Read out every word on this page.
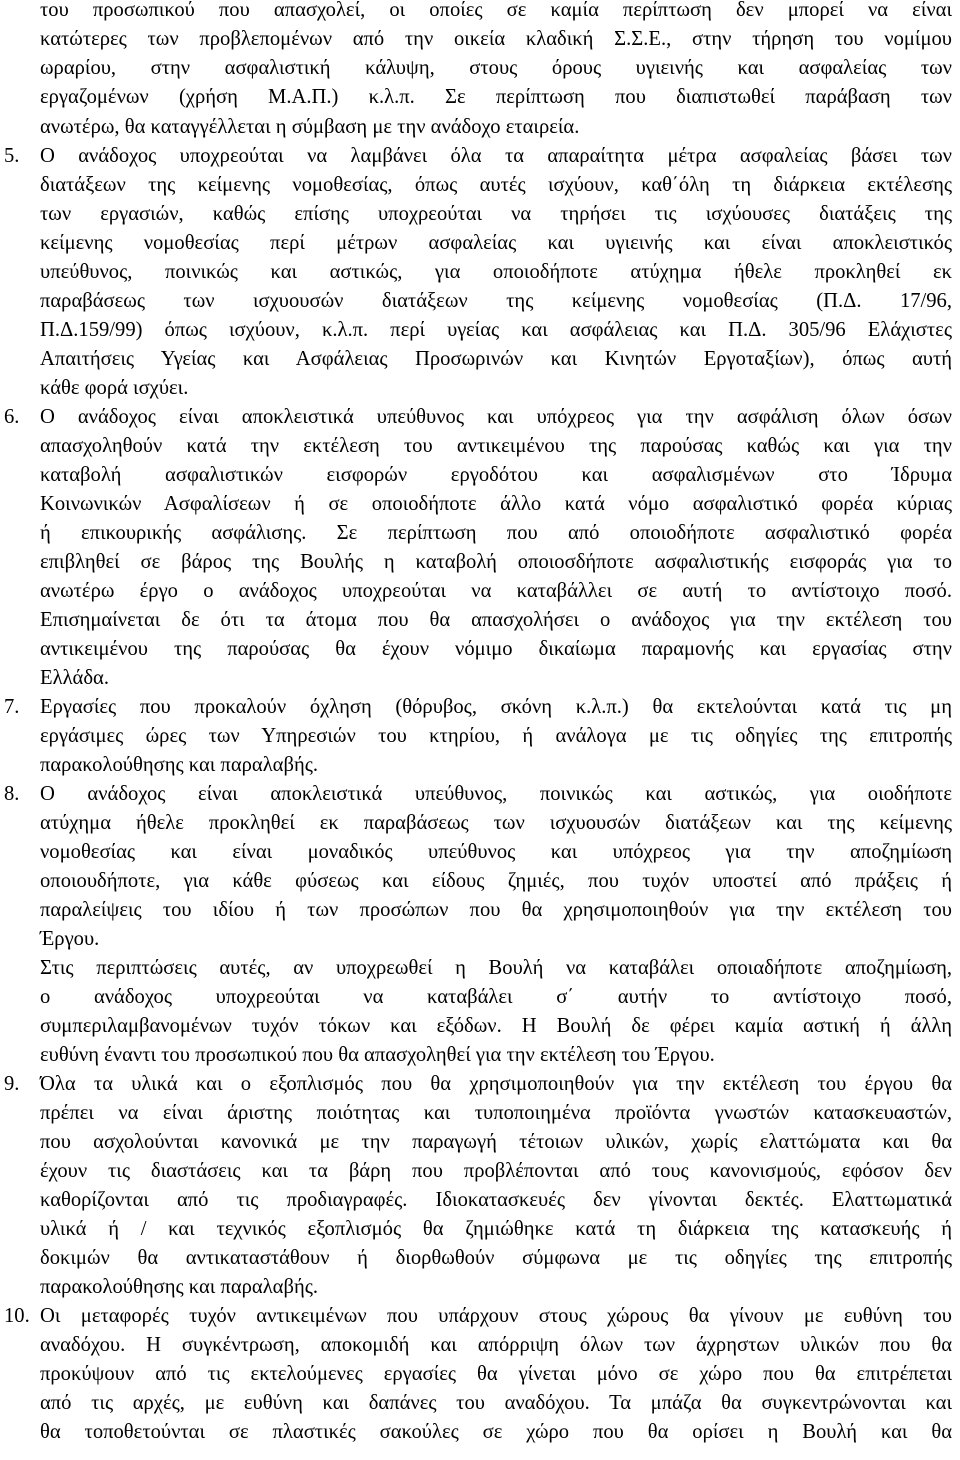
του προσωπικού που απασχολεί, οι οποίες σε καμία περίπτωση δεν μπορεί να είναι
κατώτερες των προβλεπομένων από την οικεία κλαδική Σ.Σ.Ε., στην τήρηση του νομίμου
ωραρίου, στην ασφαλιστική κάλυψη, στους όρους υγιεινής και ασφαλείας των
εργαζομένων (χρήση Μ.Α.Π.) κ.λ.π. Σε περίπτωση που διαπιστωθεί παράβαση των
ανωτέρω, θα καταγγέλλεται η σύμβαση με την ανάδοχο εταιρεία.
5. Ο ανάδοχος υποχρεούται να λαμβάνει όλα τα απαραίτητα μέτρα ασφαλείας βάσει των
διατάξεων της κείμενης νομοθεσίας, όπως αυτές ισχύουν, καθ΄όλη τη διάρκεια εκτέλεσης
των εργασιών, καθώς επίσης υποχρεούται να τηρήσει τις ισχύουσες διατάξεις της
κείμενης νομοθεσίας περί μέτρων ασφαλείας και υγιεινής και είναι αποκλειστικός
υπεύθυνος, ποινικώς και αστικώς, για οποιοδήποτε ατύχημα ήθελε προκληθεί εκ
παραβάσεως των ισχυουσών διατάξεων της κείμενης νομοθεσίας (Π.Δ. 17/96,
Π.Δ.159/99) όπως ισχύουν, κ.λ.π. περί υγείας και ασφάλειας και Π.Δ. 305/96 Ελάχιστες
Απαιτήσεις Υγείας και Ασφάλειας Προσωρινών και Κινητών Εργοταξίων), όπως αυτή
κάθε φορά ισχύει.
6. Ο ανάδοχος είναι αποκλειστικά υπεύθυνος και υπόχρεος για την ασφάλιση όλων όσων
απασχοληθούν κατά την εκτέλεση του αντικειμένου της παρούσας καθώς και για την
καταβολή ασφαλιστικών εισφορών εργοδότου και ασφαλισμένων στο Ίδρυμα
Κοινωνικών Ασφαλίσεων ή σε οποιοδήποτε άλλο κατά νόμο ασφαλιστικό φορέα κύριας
ή επικουρικής ασφάλισης. Σε περίπτωση που από οποιοδήποτε ασφαλιστικό φορέα
επιβληθεί σε βάρος της Βουλής η καταβολή οποιοσδήποτε ασφαλιστικής εισφοράς για το
ανωτέρω έργο ο ανάδοχος υποχρεούται να καταβάλλει σε αυτή το αντίστοιχο ποσό.
Επισημαίνεται δε ότι τα άτομα που θα απασχολήσει ο ανάδοχος για την εκτέλεση του
αντικειμένου της παρούσας θα έχουν νόμιμο δικαίωμα παραμονής και εργασίας στην
Ελλάδα.
7. Εργασίες που προκαλούν όχληση (θόρυβος, σκόνη κ.λ.π.) θα εκτελούνται κατά τις μη
εργάσιμες ώρες των Υπηρεσιών του κτηρίου, ή ανάλογα με τις οδηγίες της επιτροπής
παρακολούθησης και παραλαβής.
8. Ο ανάδοχος είναι αποκλειστικά υπεύθυνος, ποινικώς και αστικώς, για οιοδήποτε
ατύχημα ήθελε προκληθεί εκ παραβάσεως των ισχυουσών διατάξεων και της κείμενης
νομοθεσίας και είναι μοναδικός υπεύθυνος και υπόχρεος για την αποζημίωση
οποιουδήποτε, για κάθε φύσεως και είδους ζημιές, που τυχόν υποστεί από πράξεις ή
παραλείψεις του ιδίου ή των προσώπων που θα χρησιμοποιηθούν για την εκτέλεση του
Έργου.
Στις περιπτώσεις αυτές, αν υποχρεωθεί η Βουλή να καταβάλει οποιαδήποτε αποζημίωση,
ο ανάδοχος υποχρεούται να καταβάλει σ΄ αυτήν το αντίστοιχο ποσό,
συμπεριλαμβανομένων τυχόν τόκων και εξόδων. Η Βουλή δε φέρει καμία αστική ή άλλη
ευθύνη έναντι του προσωπικού που θα απασχοληθεί για την εκτέλεση του Έργου.
9. Όλα τα υλικά και ο εξοπλισμός που θα χρησιμοποιηθούν για την εκτέλεση του έργου θα
πρέπει να είναι άριστης ποιότητας και τυποποιημένα προϊόντα γνωστών κατασκευαστών,
που ασχολούνται κανονικά με την παραγωγή τέτοιων υλικών, χωρίς ελαττώματα και θα
έχουν τις διαστάσεις και τα βάρη που προβλέπονται από τους κανονισμούς, εφόσον δεν
καθορίζονται από τις προδιαγραφές. Ιδιοκατασκευές δεν γίνονται δεκτές. Ελαττωματικά
υλικά ή / και τεχνικός εξοπλισμός θα ζημιώθηκε κατά τη διάρκεια της κατασκευής ή
δοκιμών θα αντικαταστάθουν ή διορθωθούν σύμφωνα με τις οδηγίες της επιτροπής
παρακολούθησης και παραλαβής.
10. Οι μεταφορές τυχόν αντικειμένων που υπάρχουν στους χώρους θα γίνουν με ευθύνη του
αναδόχου. Η συγκέντρωση, αποκομιδή και απόρριψη όλων των άχρηστων υλικών που θα
προκύψουν από τις εκτελούμενες εργασίες θα γίνεται μόνο σε χώρο που θα επιτρέπεται
από τις αρχές, με ευθύνη και δαπάνες του αναδόχου. Τα μπάζα θα συγκεντρώνονται και
θα τοποθετούνται σε πλαστικές σακούλες σε χώρο που θα ορίσει η Βουλή και θα
